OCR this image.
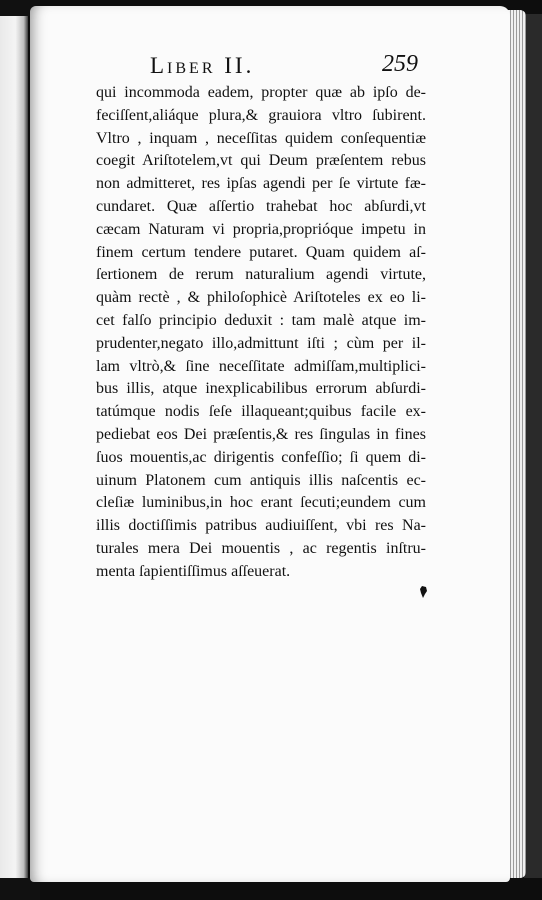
Liber II.	259
qui incommoda eadem, propter quæ ab ipſo de-
feciſſent,aliáque plura,& grauiora vltro ſubirent.
Vltro , inquam , neceſſitas quidem conſequentiæ
coegit Ariſtotelem,vt qui Deum præſentem rebus
non admitteret, res ipſas agendi per ſe virtute fæ-
cundaret. Quæ aſſertio trahebat hoc abſurdi,vt
cæcam Naturam vi propria,proprióque impetu in
finem certum tendere putaret. Quam quidem aſ-
ſertionem de rerum naturalium agendi virtute,
quàm rectè , & philoſophicè Ariſtoteles ex eo li-
cet falſo principio deduxit : tam malè atque im-
prudenter,negato illo,admittunt iſti ; cùm per il-
lam vltrò,& ſine neceſſitate admiſſam,multiplici-
bus illis, atque inexplicabilibus errorum abſurdi-
tatúmque nodis ſeſe illaqueant;quibus facile ex-
pediebat eos Dei præſentis,& res ſingulas in fines
ſuos mouentis,ac dirigentis confeſſio; ſi quem di-
uinum Platonem cum antiquis illis naſcentis ec-
cleſiæ luminibus,in hoc erant ſecuti;eundem cum
illis doctiſſimis patribus audiuiſſent, vbi res Na-
turales mera Dei mouentis , ac regentis inſtru-
menta ſapientiſſimus aſſeuerat.
